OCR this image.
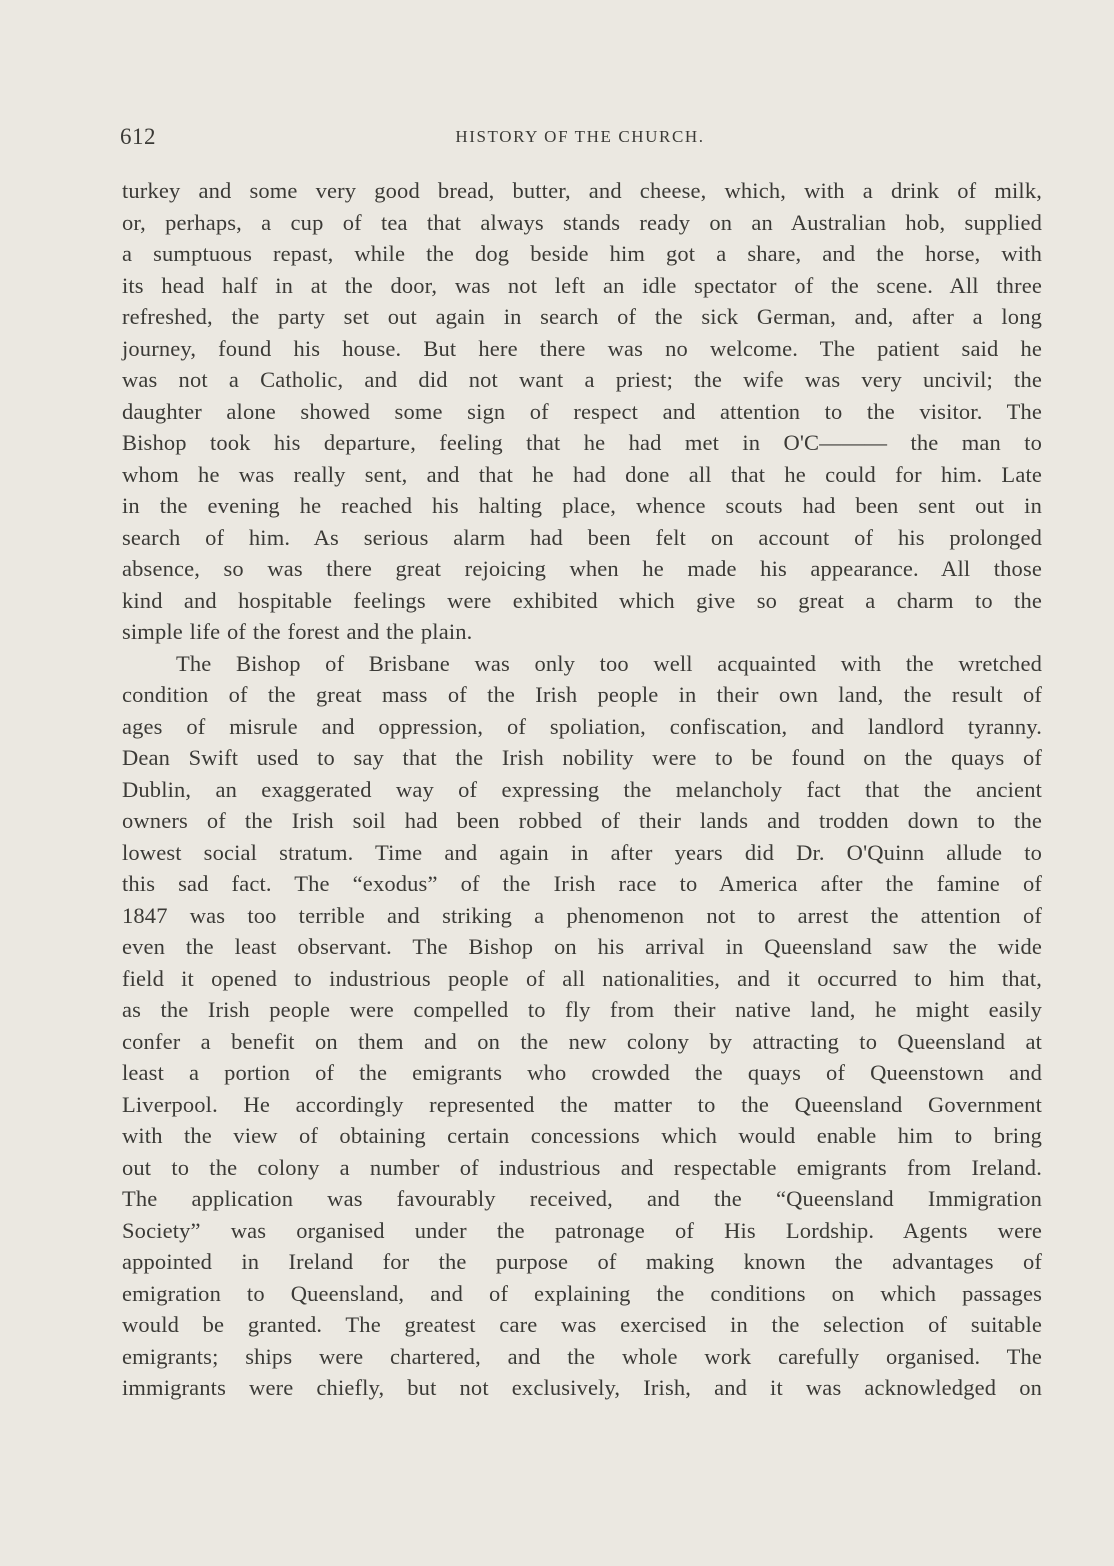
612	HISTORY OF THE CHURCH.
turkey and some very good bread, butter, and cheese, which, with a drink of milk,
or, perhaps, a cup of tea that always stands ready on an Australian hob, supplied
a sumptuous repast, while the dog beside him got a share, and the horse, with
its head half in at the door, was not left an idle spectator of the scene. All three
refreshed, the party set out again in search of the sick German, and, after a long
journey, found his house. But here there was no welcome. The patient said he
was not a Catholic, and did not want a priest; the wife was very uncivil; the
daughter alone showed some sign of respect and attention to the visitor. The
Bishop took his departure, feeling that he had met in O'C——— the man to
whom he was really sent, and that he had done all that he could for him. Late
in the evening he reached his halting place, whence scouts had been sent out in
search of him. As serious alarm had been felt on account of his prolonged
absence, so was there great rejoicing when he made his appearance. All those
kind and hospitable feelings were exhibited which give so great a charm to the
simple life of the forest and the plain.
The Bishop of Brisbane was only too well acquainted with the wretched
condition of the great mass of the Irish people in their own land, the result of
ages of misrule and oppression, of spoliation, confiscation, and landlord tyranny.
Dean Swift used to say that the Irish nobility were to be found on the quays of
Dublin, an exaggerated way of expressing the melancholy fact that the ancient
owners of the Irish soil had been robbed of their lands and trodden down to the
lowest social stratum. Time and again in after years did Dr. O'Quinn allude to
this sad fact. The “exodus” of the Irish race to America after the famine of
1847 was too terrible and striking a phenomenon not to arrest the attention of
even the least observant. The Bishop on his arrival in Queensland saw the wide
field it opened to industrious people of all nationalities, and it occurred to him that,
as the Irish people were compelled to fly from their native land, he might easily
confer a benefit on them and on the new colony by attracting to Queensland at
least a portion of the emigrants who crowded the quays of Queenstown and
Liverpool. He accordingly represented the matter to the Queensland Government
with the view of obtaining certain concessions which would enable him to bring
out to the colony a number of industrious and respectable emigrants from Ireland.
The application was favourably received, and the “Queensland Immigration
Society” was organised under the patronage of His Lordship. Agents were
appointed in Ireland for the purpose of making known the advantages of
emigration to Queensland, and of explaining the conditions on which passages
would be granted. The greatest care was exercised in the selection of suitable
emigrants; ships were chartered, and the whole work carefully organised. The
immigrants were chiefly, but not exclusively, Irish, and it was acknowledged on
